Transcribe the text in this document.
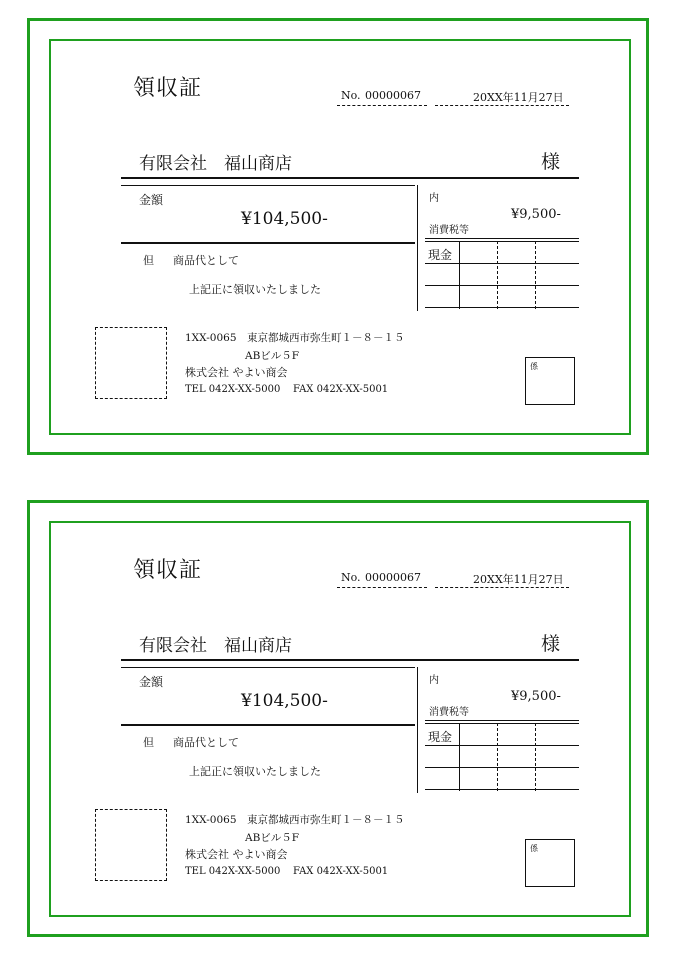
領収証	No. 00000067	20XX年11月27日
有限会社　福山商店	様
金額
¥104,500-
内
消費税等
¥9,500-
現金
但 商品代として
上記正に領収いたしました
1XX-0065　東京都城西市弥生町１－８－１５
ABビル５F
株式会社 やよい商会
TEL 042X-XX-5000 FAX 042X-XX-5001
係
領収証	No. 00000067	20XX年11月27日
有限会社　福山商店	様
金額
¥104,500-
内
消費税等
¥9,500-
現金
但 商品代として
上記正に領収いたしました
1XX-0065　東京都城西市弥生町１－８－１５
ABビル５F
株式会社 やよい商会
TEL 042X-XX-5000 FAX 042X-XX-5001
係
